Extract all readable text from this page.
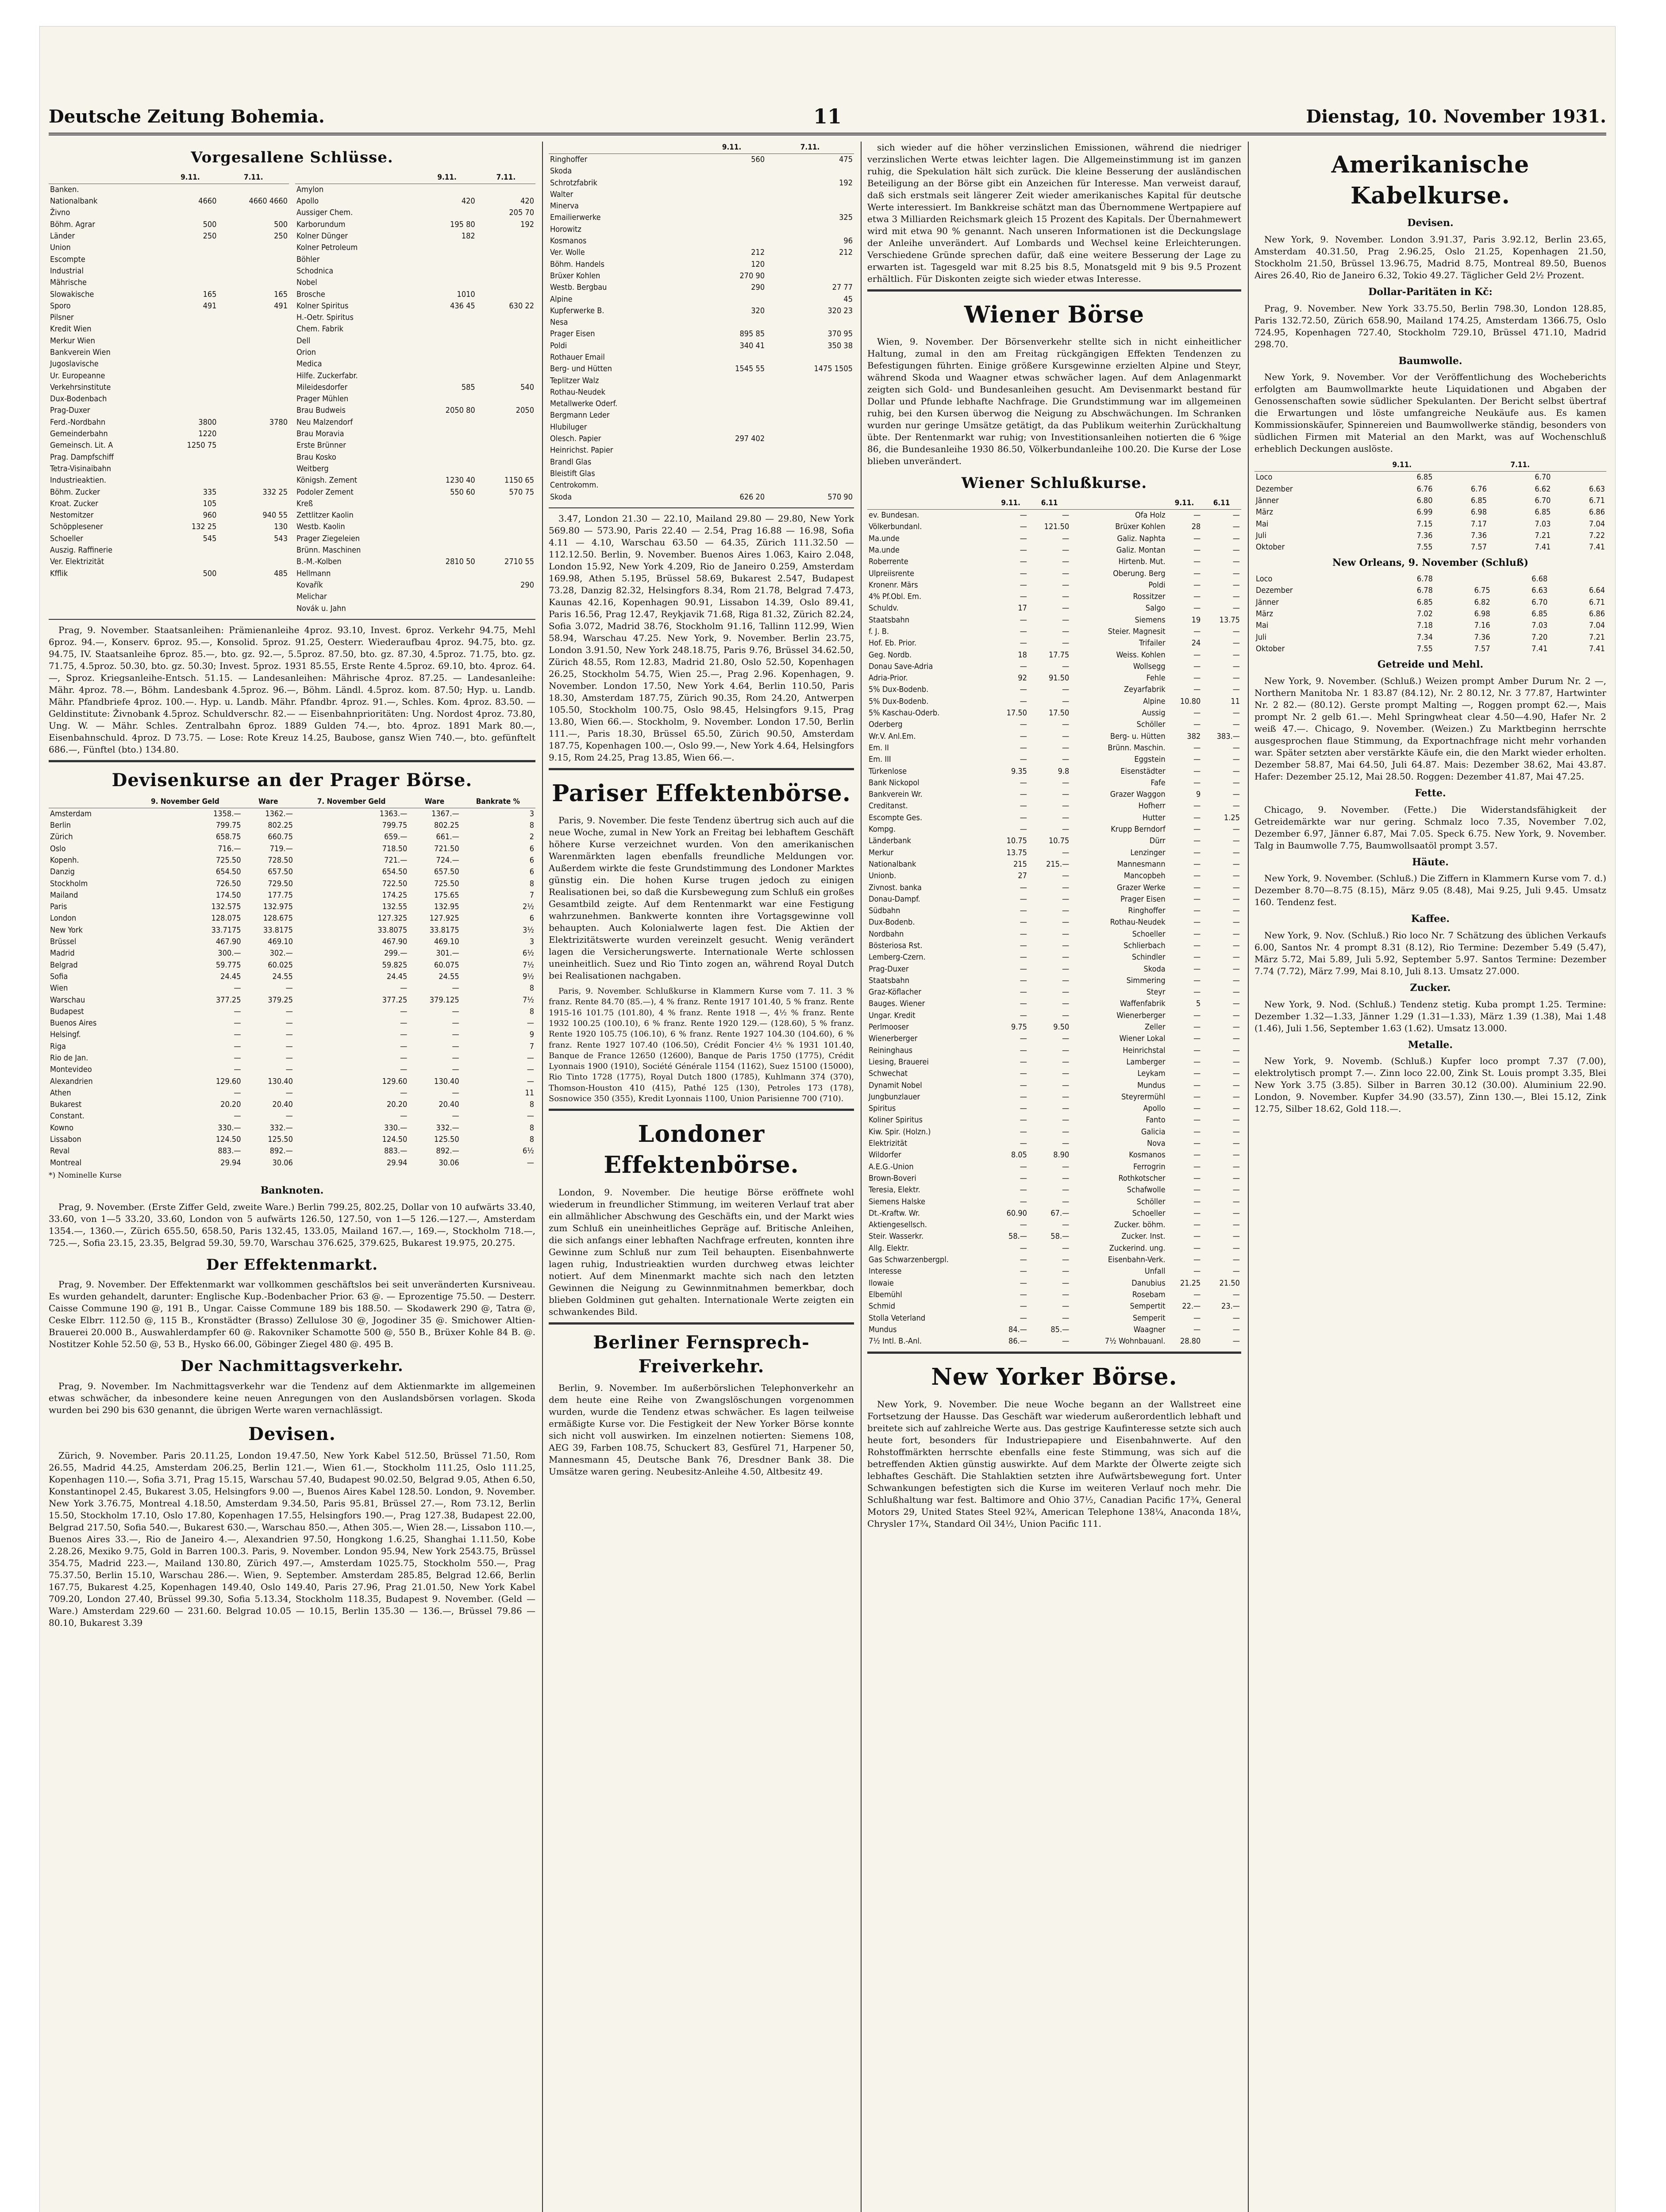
Deutsche Zeitung Bohemia.	11	Dienstag, 10. November 1931.
Vorgesallene Schlüsse.
	9.11.	7.11.
Banken.		
Nationalbank	4660	4660 4660
Živno		
Böhm. Agrar	500	500
Länder	250	250
Union		
Escompte		
Industrial		
Mährische		
Slowakische	165	165
Sporo	491	491
Pilsner		
Kredit Wien		
Merkur Wien		
Bankverein Wien		
Jugoslavische		
Ur. Europeanne		
Verkehrsinstitute		
Dux-Bodenbach		
Prag-Duxer		
Ferd.-Nordbahn	3800	3780
Gemeinderbahn	1220	
Gemeinsch. Lit. A	1250 75	
Prag. Dampfschiff		
Tetra-Visinaibahn		
Industrieaktien.		
Böhm. Zucker	335	332 25
Kroat. Zucker	105	
Nestomitzer	960	940 55
Schöpplesener	132 25	130
Schoeller	545	543
Auszig. Raffinerie		
Ver. Elektrizität		
Kfflik	500	485
	9.11.	7.11.
Amylon		
Apollo	420	420
Aussiger Chem.		205 70
Karborundum	195 80	192
Kolner Dünger	182	
Kolner Petroleum		
Böhler		
Schodnica		
Nobel		
Brosche	1010	
Kolner Spiritus	436 45	630 22
H.-Oetr. Spiritus		
Chem. Fabrik		
Dell		
Orion		
Medica		
Hilfe. Zuckerfabr.		
Mileidesdorfer	585	540
Prager Mühlen		
Brau Budweis	2050 80	2050
Neu Malzendorf		
Brau Moravia		
Erste Brünner		
Brau Kosko		
Weitberg		
Königsh. Zement	1230 40	1150 65
Podoler Zement	550 60	570 75
Kreß		
Zettlitzer Kaolin		
Westb. Kaolin		
Prager Ziegeleien		
Brünn. Maschinen		
B.-M.-Kolben	2810 50	2710 55
Hellmann		
Kovařík		290
Melichar		
Novák u. Jahn		

Prag, 9. November. Staatsanleihen: Prämienanleihe 4proz. 93.10, Invest. 6proz. Verkehr 94.75, Mehl 6proz. 94.—, Konserv. 6proz. 95.—, Konsolid. 5proz. 91.25, Oesterr. Wiederaufbau 4proz. 94.75, bto. gz. 94.75, IV. Staatsanleihe 6proz. 85.—, bto. gz. 92.—, 5.5proz. 87.50, bto. gz. 87.30, 4.5proz. 71.75, bto. gz. 71.75, 4.5proz. 50.30, bto. gz. 50.30; Invest. 5proz. 1931 85.55, Erste Rente 4.5proz. 69.10, bto. 4proz. 64.—, Sproz. Kriegsanleihe-Entsch. 51.15. — Landesanleihen: Mährische 4proz. 87.25. — Landesanleihe: Mähr. 4proz. 78.—, Böhm. Landesbank 4.5proz. 96.—, Böhm. Ländl. 4.5proz. kom. 87.50; Hyp. u. Landb. Mähr. Pfandbriefe 4proz. 100.—. Hyp. u. Landb. Mähr. Pfandbr. 4proz. 91.—, Schles. Kom. 4proz. 83.50. — Geldinstitute: Živnobank 4.5proz. Schuldverschr. 82.— — Eisenbahnprioritäten: Ung. Nordost 4proz. 73.80, Ung. W. — Mähr. Schles. Zentralbahn 6proz. 1889 Gulden 74.—, bto. 4proz. 1891 Mark 80.—, Eisenbahnschuld. 4proz. D 73.75. — Lose: Rote Kreuz 14.25, Baubose, gansz Wien 740.—, bto. gefünftelt 686.—, Fünftel (bto.) 134.80.

Devisenkurse an der Prager Börse.
	9. November Geld	Ware	7. November Geld	Ware	Bankrate %
Amsterdam	1358.—	1362.—	1363.—	1367.—	3
Berlin	799.75	802.25	799.75	802.25	8
Zürich	658.75	660.75	659.—	661.—	2
Oslo	716.—	719.—	718.50	721.50	6
Kopenh.	725.50	728.50	721.—	724.—	6
Danzig	654.50	657.50	654.50	657.50	6
Stockholm	726.50	729.50	722.50	725.50	8
Mailand	174.50	177.75	174.25	175.65	7
Paris	132.575	132.975	132.55	132.95	2½
London	128.075	128.675	127.325	127.925	6
New York	33.7175	33.8175	33.8075	33.8175	3½
Brüssel	467.90	469.10	467.90	469.10	3
Madrid	300.—	302.—	299.—	301.—	6½
Belgrad	59.775	60.025	59.825	60.075	7½
Sofia	24.45	24.55	24.45	24.55	9½
Wien	—	—	—	—	8
Warschau	377.25	379.25	377.25	379.125	7½
Budapest	—	—	—	—	8
Buenos Aires	—	—	—	—	—
Helsingf.	—	—	—	—	9
Riga	—	—	—	—	7
Rio de Jan.	—	—	—	—	—
Montevideo	—	—	—	—	—
Alexandrien	129.60	130.40	129.60	130.40	—
Athen	—	—	—	—	11
Bukarest	20.20	20.40	20.20	20.40	8
Constant.	—	—	—	—	—
Kowno	330.—	332.—	330.—	332.—	8
Lissabon	124.50	125.50	124.50	125.50	8
Reval	883.—	892.—	883.—	892.—	6½
Montreal	29.94	30.06	29.94	30.06	—
*) Nominelle Kurse
Banknoten.

Prag, 9. November. (Erste Ziffer Geld, zweite Ware.) Berlin 799.25, 802.25, Dollar von 10 aufwärts 33.40, 33.60, von 1—5 33.20, 33.60, London von 5 aufwärts 126.50, 127.50, von 1—5 126.—127.—, Amsterdam 1354.—, 1360.—, Zürich 655.50, 658.50, Paris 132.45, 133.05, Mailand 167.—, 169.—, Stockholm 718.—, 725.—, Sofia 23.15, 23.35, Belgrad 59.30, 59.70, Warschau 376.625, 379.625, Bukarest 19.975, 20.275.

Der Effektenmarkt.

Prag, 9. November. Der Effektenmarkt war vollkommen geschäftslos bei seit unveränderten Kursniveau. Es wurden gehandelt, darunter: Englische Kup.-Bodenbacher Prior. 63 @. — Eprozentige 75.50. — Desterr. Caisse Commune 190 @, 191 B., Ungar. Caisse Commune 189 bis 188.50. — Skodawerk 290 @, Tatra @, Ceske Elbrr. 112.50 @, 115 B., Kronstädter (Brasso) Zellulose 30 @, Jogodiner 35 @. Smichower Altien-Brauerei 20.000 B., Auswahlerdampfer 60 @. Rakovniker Schamotte 500 @, 550 B., Brüxer Kohle 84 B. @. Nostitzer Kohle 52.50 @, 53 B., Hysko 66.00, Göbinger Ziegel 480 @. 495 B.

Der Nachmittagsverkehr.

Prag, 9. November. Im Nachmittagsverkehr war die Tendenz auf dem Aktienmarkte im allgemeinen etwas schwächer, da inbesondere keine neuen Anregungen von den Auslandsbörsen vorlagen. Skoda wurden bei 290 bis 630 genannt, die übrigen Werte waren vernachlässigt.

Devisen.

Zürich, 9. November. Paris 20.11.25, London 19.47.50, New York Kabel 512.50, Brüssel 71.50, Rom 26.55, Madrid 44.25, Amsterdam 206.25, Berlin 121.—, Wien 61.—, Stockholm 111.25, Oslo 111.25, Kopenhagen 110.—, Sofia 3.71, Prag 15.15, Warschau 57.40, Budapest 90.02.50, Belgrad 9.05, Athen 6.50, Konstantinopel 2.45, Bukarest 3.05, Helsingfors 9.00 —, Buenos Aires Kabel 128.50. London, 9. November. New York 3.76.75, Montreal 4.18.50, Amsterdam 9.34.50, Paris 95.81, Brüssel 27.—, Rom 73.12, Berlin 15.50, Stockholm 17.10, Oslo 17.80, Kopenhagen 17.55, Helsingfors 190.—, Prag 127.38, Budapest 22.00, Belgrad 217.50, Sofia 540.—, Bukarest 630.—, Warschau 850.—, Athen 305.—, Wien 28.—, Lissabon 110.—, Buenos Aires 33.—, Rio de Janeiro 4.—, Alexandrien 97.50, Hongkong 1.6.25, Shanghai 1.11.50, Kobe 2.28.26, Mexiko 9.75, Gold in Barren 100.3. Paris, 9. November. London 95.94, New York 2543.75, Brüssel 354.75, Madrid 223.—, Mailand 130.80, Zürich 497.—, Amsterdam 1025.75, Stockholm 550.—, Prag 75.37.50, Berlin 15.10, Warschau 286.—. Wien, 9. September. Amsterdam 285.85, Belgrad 12.66, Berlin 167.75, Bukarest 4.25, Kopenhagen 149.40, Oslo 149.40, Paris 27.96, Prag 21.01.50, New York Kabel 709.20, London 27.40, Brüssel 99.30, Sofia 5.13.34, Stockholm 118.35, Budapest 9. November. (Geld — Ware.) Amsterdam 229.60 — 231.60. Belgrad 10.05 — 10.15, Berlin 135.30 — 136.—, Brüssel 79.86 — 80.10, Bukarest 3.39

	9.11.	7.11.
Ringhoffer	560	475
Skoda		
Schrotzfabrik		192
Walter		
Minerva		
Emailierwerke		325
Horowitz		
Kosmanos		96
Ver. Wolle	212	212
Böhm. Handels	120	
Brüxer Kohlen	270 90	
Westb. Bergbau	290	27 77
Alpine		45
Kupferwerke B.	320	320 23
Nesa		
Prager Eisen	895 85	370 95
Poldi	340 41	350 38
Rothauer Email		
Berg- und Hütten	1545 55	1475 1505
Teplitzer Walz		
Rothau-Neudek		
Metallwerke Oderf.		
Bergmann Leder		
Hlubiluger		
Olesch. Papier	297 402	
Heinrichst. Papier		
Brandl Glas		
Bleistift Glas		
Centrokomm.		
Skoda	626 20	570 90

3.47, London 21.30 — 22.10, Mailand 29.80 — 29.80, New York 569.80 — 573.90, Paris 22.40 — 2.54, Prag 16.88 — 16.98, Sofia 4.11 — 4.10, Warschau 63.50 — 64.35, Zürich 111.32.50 — 112.12.50. Berlin, 9. November. Buenos Aires 1.063, Kairo 2.048, London 15.92, New York 4.209, Rio de Janeiro 0.259, Amsterdam 169.98, Athen 5.195, Brüssel 58.69, Bukarest 2.547, Budapest 73.28, Danzig 82.32, Helsingfors 8.34, Rom 21.78, Belgrad 7.473, Kaunas 42.16, Kopenhagen 90.91, Lissabon 14.39, Oslo 89.41, Paris 16.56, Prag 12.47, Reykjavik 71.68, Riga 81.32, Zürich 82.24, Sofia 3.072, Madrid 38.76, Stockholm 91.16, Tallinn 112.99, Wien 58.94, Warschau 47.25. New York, 9. November. Berlin 23.75, London 3.91.50, New York 248.18.75, Paris 9.76, Brüssel 34.62.50, Zürich 48.55, Rom 12.83, Madrid 21.80, Oslo 52.50, Kopenhagen 26.25, Stockholm 54.75, Wien 25.—, Prag 2.96. Kopenhagen, 9. November. London 17.50, New York 4.64, Berlin 110.50, Paris 18.30, Amsterdam 187.75, Zürich 90.35, Rom 24.20, Antwerpen 105.50, Stockholm 100.75, Oslo 98.45, Helsingfors 9.15, Prag 13.80, Wien 66.—. Stockholm, 9. November. London 17.50, Berlin 111.—, Paris 18.30, Brüssel 65.50, Zürich 90.50, Amsterdam 187.75, Kopenhagen 100.—, Oslo 99.—, New York 4.64, Helsingfors 9.15, Rom 24.25, Prag 13.85, Wien 66.—.

Pariser Effektenbörse.

Paris, 9. November. Die feste Tendenz übertrug sich auch auf die neue Woche, zumal in New York an Freitag bei lebhaftem Geschäft höhere Kurse verzeichnet wurden. Von den amerikanischen Warenmärkten lagen ebenfalls freundliche Meldungen vor. Außerdem wirkte die feste Grundstimmung des Londoner Marktes günstig ein. Die hohen Kurse trugen jedoch zu einigen Realisationen bei, so daß die Kursbewegung zum Schluß ein großes Gesamtbild zeigte. Auf dem Rentenmarkt war eine Festigung wahrzunehmen. Bankwerte konnten ihre Vortagsgewinne voll behaupten. Auch Kolonialwerte lagen fest. Die Aktien der Elektrizitätswerte wurden vereinzelt gesucht. Wenig verändert lagen die Versicherungswerte. Internationale Werte schlossen uneinheitlich. Suez und Rio Tinto zogen an, während Royal Dutch bei Realisationen nachgaben.

Paris, 9. November. Schlußkurse in Klammern Kurse vom 7. 11. 3 % franz. Rente 84.70 (85.—), 4 % franz. Rente 1917 101.40, 5 % franz. Rente 1915-16 101.75 (101.80), 4 % franz. Rente 1918 —, 4½ % franz. Rente 1932 100.25 (100.10), 6 % franz. Rente 1920 129.— (128.60), 5 % franz. Rente 1920 105.75 (106.10), 6 % franz. Rente 1927 104.30 (104.60), 6 % franz. Rente 1927 107.40 (106.50), Crédit Foncier 4½ % 1931 101.40, Banque de France 12650 (12600), Banque de Paris 1750 (1775), Crédit Lyonnais 1900 (1910), Société Générale 1154 (1162), Suez 15100 (15000), Rio Tinto 1728 (1775), Royal Dutch 1800 (1785), Kuhlmann 374 (370), Thomson-Houston 410 (415), Pathé 125 (130), Petroles 173 (178), Sosnowice 350 (355), Kredit Lyonnais 1100, Union Parisienne 700 (710).

Londoner Effektenbörse.

London, 9. November. Die heutige Börse eröffnete wohl wiederum in freundlicher Stimmung, im weiteren Verlauf trat aber ein allmählicher Abschwung des Geschäfts ein, und der Markt wies zum Schluß ein uneinheitliches Gepräge auf. Britische Anleihen, die sich anfangs einer lebhaften Nachfrage erfreuten, konnten ihre Gewinne zum Schluß nur zum Teil behaupten. Eisenbahnwerte lagen ruhig, Industrieaktien wurden durchweg etwas leichter notiert. Auf dem Minenmarkt machte sich nach den letzten Gewinnen die Neigung zu Gewinnmitnahmen bemerkbar, doch blieben Goldminen gut gehalten. Internationale Werte zeigten ein schwankendes Bild.

Berliner Fernsprech-Freiverkehr.

Berlin, 9. November. Im außerbörslichen Telephonverkehr an dem heute eine Reihe von Zwangslöschungen vorgenommen wurden, wurde die Tendenz etwas schwächer. Es lagen teilweise ermäßigte Kurse vor. Die Festigkeit der New Yorker Börse konnte sich nicht voll auswirken. Im einzelnen notierten: Siemens 108, AEG 39, Farben 108.75, Schuckert 83, Gesfürel 71, Harpener 50, Mannesmann 45, Deutsche Bank 76, Dresdner Bank 38. Die Umsätze waren gering. Neubesitz-Anleihe 4.50, Altbesitz 49.

sich wieder auf die höher verzinslichen Emissionen, während die niedriger verzinslichen Werte etwas leichter lagen. Die Allgemeinstimmung ist im ganzen ruhig, die Spekulation hält sich zurück. Die kleine Besserung der ausländischen Beteiligung an der Börse gibt ein Anzeichen für Interesse. Man verweist darauf, daß sich erstmals seit längerer Zeit wieder amerikanisches Kapital für deutsche Werte interessiert. Im Bankkreise schätzt man das Übernommene Wertpapiere auf etwa 3 Milliarden Reichsmark gleich 15 Prozent des Kapitals. Der Übernahmewert wird mit etwa 90 % genannt. Nach unseren Informationen ist die Deckungslage der Anleihe unverändert. Auf Lombards und Wechsel keine Erleichterungen. Verschiedene Gründe sprechen dafür, daß eine weitere Besserung der Lage zu erwarten ist. Tagesgeld war mit 8.25 bis 8.5, Monatsgeld mit 9 bis 9.5 Prozent erhältlich. Für Diskonten zeigte sich wieder etwas Interesse.

Wiener Börse

Wien, 9. November. Der Börsenverkehr stellte sich in nicht einheitlicher Haltung, zumal in den am Freitag rückgängigen Effekten Tendenzen zu Befestigungen führten. Einige größere Kursgewinne erzielten Alpine und Steyr, während Skoda und Waagner etwas schwächer lagen. Auf dem Anlagenmarkt zeigten sich Gold- und Bundesanleihen gesucht. Am Devisenmarkt bestand für Dollar und Pfunde lebhafte Nachfrage. Die Grundstimmung war im allgemeinen ruhig, bei den Kursen überwog die Neigung zu Abschwächungen. Im Schranken wurden nur geringe Umsätze getätigt, da das Publikum weiterhin Zurückhaltung übte. Der Rentenmarkt war ruhig; von Investitionsanleihen notierten die 6 %ige 86, die Bundesanleihe 1930 86.50, Völkerbundanleihe 100.20. Die Kurse der Lose blieben unverändert.

Wiener Schlußkurse.
	9.11.	6.11		9.11.	6.11
ev. Bundesan.	—	—	Ofa Holz	—	—
Völkerbundanl.	—	121.50	Brüxer Kohlen	28	—
Ma.unde	—	—	Galiz. Naphta	—	—
Ma.unde	—	—	Galiz. Montan	—	—
Roberrente	—	—	Hirtenb. Mut.	—	—
Ulpreiisrente	—	—	Oberung. Berg	—	—
Kronenr. Märs	—	—	Poldi	—	—
4% Pf.Obl. Em.	—	—	Rossitzer	—	—
Schuldv.	17	—	Salgo	—	—
Staatsbahn	—	—	Siemens	19	13.75
f. J. B.	—	—	Steier. Magnesit	—	—
Hof. Eb. Prior.	—	—	Trifailer	24	—
Geg. Nordb.	18	17.75	Weiss. Kohlen	—	—
Donau Save-Adria	—	—	Wollsegg	—	—
Adria-Prior.	92	91.50	Fehle	—	—
5% Dux-Bodenb.	—	—	Zeyarfabrik	—	—
5% Dux-Bodenb.	—	—	Alpine	10.80	11
5% Kaschau-Oderb.	17.50	17.50	Aussig	—	—
Oderberg	—	—	Schöller	—	—
Wr.V. Anl.Em.	—	—	Berg- u. Hütten	382	383.—
Em. II	—	—	Brünn. Maschin.	—	—
Em. III	—	—	Eggstein	—	—
Türkenlose	9.35	9.8	Eisenstädter	—	—
Bank Nickopol	—	—	Fafe	—	—
Bankverein Wr.	—	—	Grazer Waggon	9	—
Creditanst.	—	—	Hofherr	—	—
Escompte Ges.	—	—	Hutter	—	1.25
Kompg.	—	—	Krupp Berndorf	—	—
Länderbank	10.75	10.75	Dürr	—	—
Merkur	13.75	—	Lenzinger	—	—
Nationalbank	215	215.—	Mannesmann	—	—
Unionb.	27	—	Mancopbeh	—	—
Zivnost. banka	—	—	Grazer Werke	—	—
Donau-Dampf.	—	—	Prager Eisen	—	—
Südbahn	—	—	Ringhoffer	—	—
Dux-Bodenb.	—	—	Rothau-Neudek	—	—
Nordbahn	—	—	Schoeller	—	—
Bösteriosa Rst.	—	—	Schlierbach	—	—
Lemberg-Czern.	—	—	Schindler	—	—
Prag-Duxer	—	—	Skoda	—	—
Staatsbahn	—	—	Simmering	—	—
Graz-Köflacher	—	—	Steyr	—	—
Bauges. Wiener	—	—	Waffenfabrik	5	—
Ungar. Kredit	—	—	Wienerberger	—	—
Perlmooser	9.75	9.50	Zeller	—	—
Wienerberger	—	—	Wiener Lokal	—	—
Reininghaus	—	—	Heinrichstal	—	—
Liesing, Brauerei	—	—	Lamberger	—	—
Schwechat	—	—	Leykam	—	—
Dynamit Nobel	—	—	Mundus	—	—
Jungbunzlauer	—	—	Steyrermühl	—	—
Spiritus	—	—	Apollo	—	—
Koliner Spiritus	—	—	Fanto	—	—
Kiw. Spir. (Holzn.)	—	—	Galicia	—	—
Elektrizität	—	—	Nova	—	—
Wildorfer	8.05	8.90	Kosmanos	—	—
A.E.G.-Union	—	—	Ferrogrin	—	—
Brown-Boveri	—	—	Rothkotscher	—	—
Teresia, Elektr.	—	—	Schafwolle	—	—
Siemens Halske	—	—	Schöller	—	—
Dt.-Kraftw. Wr.	60.90	67.—	Schoeller	—	—
Aktiengesellsch.	—	—	Zucker. böhm.	—	—
Steir. Wasserkr.	58.—	58.—	Zucker. Inst.	—	—
Allg. Elektr.	—	—	Zuckerind. ung.	—	—
Gas Schwarzenbergpl.	—	—	Eisenbahn-Verk.	—	—
Interesse	—	—	Unfall	—	—
Ilowaie	—	—	Danubius	21.25	21.50
Elbemühl	—	—	Rosebam	—	—
Schmid	—	—	Sempertit	22.—	23.—
Stolla Veterland	—	—	Semperit	—	—
Mundus	84.—	85.—	Waagner	—	—
7½ Intl. B.-Anl.	86.—	—	7½ Wohnbauanl.	28.80	—
New Yorker Börse.

New York, 9. November. Die neue Woche begann an der Wallstreet eine Fortsetzung der Hausse. Das Geschäft war wiederum außerordentlich lebhaft und breitete sich auf zahlreiche Werte aus. Das gestrige Kaufinteresse setzte sich auch heute fort, besonders für Industriepapiere und Eisenbahnwerte. Auf den Rohstoffmärkten herrschte ebenfalls eine feste Stimmung, was sich auf die betreffenden Aktien günstig auswirkte. Auf dem Markte der Ölwerte zeigte sich lebhaftes Geschäft. Die Stahlaktien setzten ihre Aufwärtsbewegung fort. Unter Schwankungen befestigten sich die Kurse im weiteren Verlauf noch mehr. Die Schlußhaltung war fest. Baltimore and Ohio 37½, Canadian Pacific 17¾, General Motors 29, United States Steel 92¾, American Telephone 138¼, Anaconda 18¼, Chrysler 17¾, Standard Oil 34½, Union Pacific 111.

Amerikanische Kabelkurse.
Devisen.

New York, 9. November. London 3.91.37, Paris 3.92.12, Berlin 23.65, Amsterdam 40.31.50, Prag 2.96.25, Oslo 21.25, Kopenhagen 21.50, Stockholm 21.50, Brüssel 13.96.75, Madrid 8.75, Montreal 89.50, Buenos Aires 26.40, Rio de Janeiro 6.32, Tokio 49.27. Täglicher Geld 2½ Prozent.

Dollar-Paritäten in Kč:

Prag, 9. November. New York 33.75.50, Berlin 798.30, London 128.85, Paris 132.72.50, Zürich 658.90, Mailand 174.25, Amsterdam 1366.75, Oslo 724.95, Kopenhagen 727.40, Stockholm 729.10, Brüssel 471.10, Madrid 298.70.

Baumwolle.

New York, 9. November. Vor der Veröffentlichung des Wocheberichts erfolgten am Baumwollmarkte heute Liquidationen und Abgaben der Genossenschaften sowie südlicher Spekulanten. Der Bericht selbst übertraf die Erwartungen und löste umfangreiche Neukäufe aus. Es kamen Kommissionskäufer, Spinnereien und Baumwollwerke ständig, besonders von südlichen Firmen mit Material an den Markt, was auf Wochenschluß erheblich Deckungen auslöste.

	9.11.		7.11.	
Loco	6.85		6.70	
Dezember	6.76	6.76	6.62	6.63
Jänner	6.80	6.85	6.70	6.71
März	6.99	6.98	6.85	6.86
Mai	7.15	7.17	7.03	7.04
Juli	7.36	7.36	7.21	7.22
Oktober	7.55	7.57	7.41	7.41
New Orleans, 9. November (Schluß)
Loco	6.78		6.68	
Dezember	6.78	6.75	6.63	6.64
Jänner	6.85	6.82	6.70	6.71
März	7.02	6.98	6.85	6.86
Mai	7.18	7.16	7.03	7.04
Juli	7.34	7.36	7.20	7.21
Oktober	7.55	7.57	7.41	7.41
Getreide und Mehl.

New York, 9. November. (Schluß.) Weizen prompt Amber Durum Nr. 2 —, Northern Manitoba Nr. 1 83.87 (84.12), Nr. 2 80.12, Nr. 3 77.87, Hartwinter Nr. 2 82.— (80.12). Gerste prompt Malting —, Roggen prompt 62.—, Mais prompt Nr. 2 gelb 61.—. Mehl Springwheat clear 4.50—4.90, Hafer Nr. 2 weiß 47.—. Chicago, 9. November. (Weizen.) Zu Marktbeginn herrschte ausgesprochen flaue Stimmung, da Exportnachfrage nicht mehr vorhanden war. Später setzten aber verstärkte Käufe ein, die den Markt wieder erholten. Dezember 58.87, Mai 64.50, Juli 64.87. Mais: Dezember 38.62, Mai 43.87. Hafer: Dezember 25.12, Mai 28.50. Roggen: Dezember 41.87, Mai 47.25.

Fette.

Chicago, 9. November. (Fette.) Die Widerstandsfähigkeit der Getreidemärkte war nur gering. Schmalz loco 7.35, November 7.02, Dezember 6.97, Jänner 6.87, Mai 7.05. Speck 6.75. New York, 9. November. Talg in Baumwolle 7.75, Baumwollsaatöl prompt 3.57.

Häute.

New York, 9. November. (Schluß.) Die Ziffern in Klammern Kurse vom 7. d.) Dezember 8.70—8.75 (8.15), März 9.05 (8.48), Mai 9.25, Juli 9.45. Umsatz 160. Tendenz fest.

Kaffee.

New York, 9. Nov. (Schluß.) Rio loco Nr. 7 Schätzung des üblichen Verkaufs 6.00, Santos Nr. 4 prompt 8.31 (8.12), Rio Termine: Dezember 5.49 (5.47), März 5.72, Mai 5.89, Juli 5.92, September 5.97. Santos Termine: Dezember 7.74 (7.72), März 7.99, Mai 8.10, Juli 8.13. Umsatz 27.000.

Zucker.

New York, 9. Nod. (Schluß.) Tendenz stetig. Kuba prompt 1.25. Termine: Dezember 1.32—1.33, Jänner 1.29 (1.31—1.33), März 1.39 (1.38), Mai 1.48 (1.46), Juli 1.56, September 1.63 (1.62). Umsatz 13.000.

Metalle.

New York, 9. Novemb. (Schluß.) Kupfer loco prompt 7.37 (7.00), elektrolytisch prompt 7.—. Zinn loco 22.00, Zink St. Louis prompt 3.35, Blei New York 3.75 (3.85). Silber in Barren 30.12 (30.00). Aluminium 22.90. London, 9. November. Kupfer 34.90 (33.57), Zinn 130.—, Blei 15.12, Zink 12.75, Silber 18.62, Gold 118.—.
